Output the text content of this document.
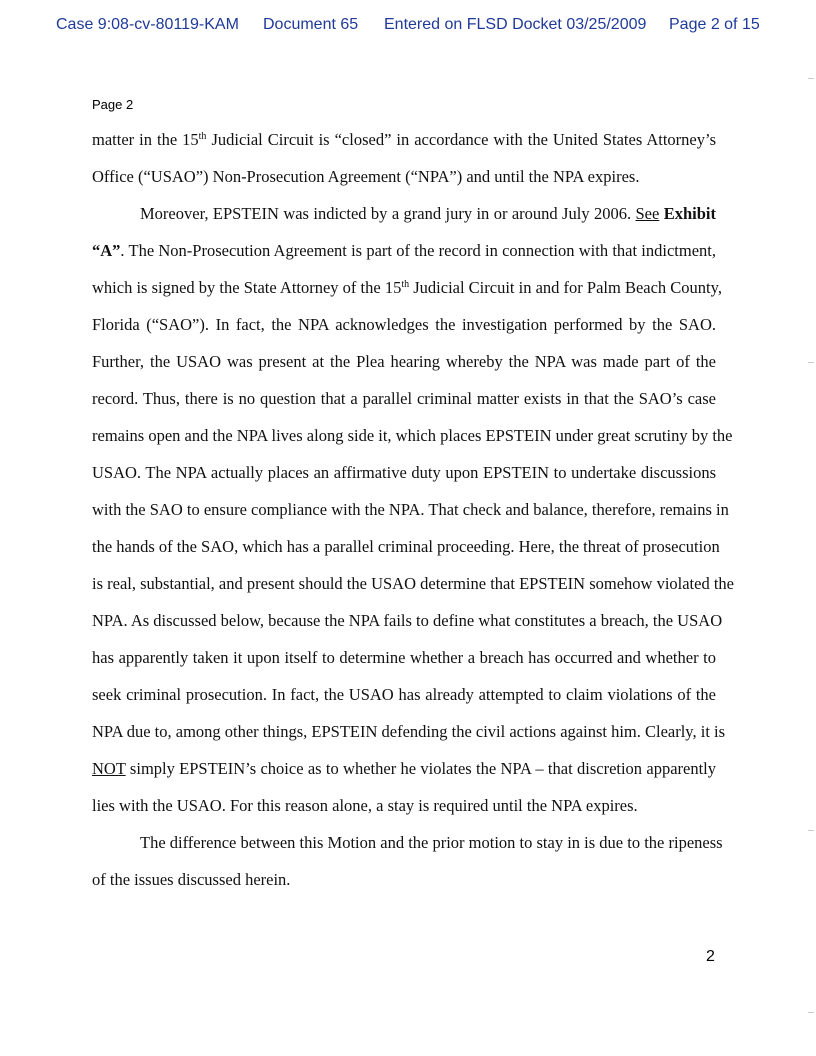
Case 9:08-cv-80119-KAM Document 65 Entered on FLSD Docket 03/25/2009 Page 2 of 15
Page 2
matter in the 15th Judicial Circuit is “closed” in accordance with the United States Attorney’s
Office (“USAO”) Non-Prosecution Agreement (“NPA”) and until the NPA expires.
Moreover, EPSTEIN was indicted by a grand jury in or around July 2006. See Exhibit
“A”. The Non-Prosecution Agreement is part of the record in connection with that indictment,
which is signed by the State Attorney of the 15th Judicial Circuit in and for Palm Beach County,
Florida (“SAO”). In fact, the NPA acknowledges the investigation performed by the SAO.
Further, the USAO was present at the Plea hearing whereby the NPA was made part of the
record. Thus, there is no question that a parallel criminal matter exists in that the SAO’s case
remains open and the NPA lives along side it, which places EPSTEIN under great scrutiny by the
USAO. The NPA actually places an affirmative duty upon EPSTEIN to undertake discussions
with the SAO to ensure compliance with the NPA. That check and balance, therefore, remains in
the hands of the SAO, which has a parallel criminal proceeding. Here, the threat of prosecution
is real, substantial, and present should the USAO determine that EPSTEIN somehow violated the
NPA. As discussed below, because the NPA fails to define what constitutes a breach, the USAO
has apparently taken it upon itself to determine whether a breach has occurred and whether to
seek criminal prosecution. In fact, the USAO has already attempted to claim violations of the
NPA due to, among other things, EPSTEIN defending the civil actions against him. Clearly, it is
NOT simply EPSTEIN’s choice as to whether he violates the NPA – that discretion apparently
lies with the USAO. For this reason alone, a stay is required until the NPA expires.
The difference between this Motion and the prior motion to stay in is due to the ripeness
of the issues discussed herein.
2
